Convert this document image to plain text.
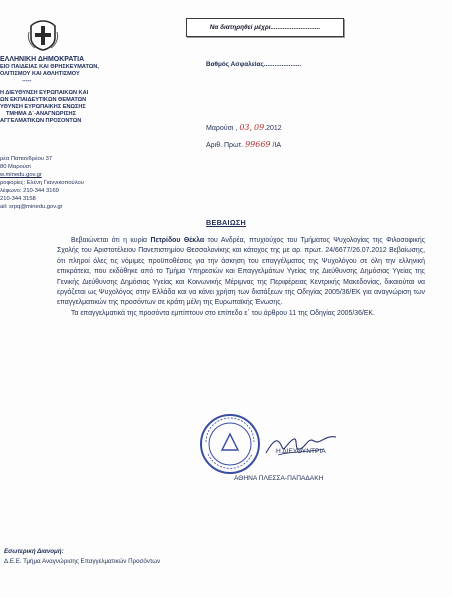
ΕΛΛΗΝΙΚΗ ΔΗΜΟΚΡΑΤΙΑ
ΕΙΟ ΠΑΙΔΕΙΑΣ ΚΑΙ ΘΡΗΣΚΕΥΜΑΤΩΝ,
ΟΛΙΤΙΣΜΟΥ ΚΑΙ ΑΘΛΗΤΙΣΜΟΥ
-----
Η ΔΙΕΥΘΥΝΣΗ ΕΥΡΩΠΑΪΚΩΝ ΚΑΙ
ΩΝ ΕΚΠΑΙΔΕΥΤΙΚΩΝ ΘΕΜΑΤΩΝ
ΥΘΥΝΣΗ ΕΥΡΩΠΑΪΚΗΣ ΕΝΩΣΗΣ
ΤΜΗΜΑ Δ΄-ΑΝΑΓΝΩΡΙΣΗΣ
ΑΓΓΕΛΜΑΤΙΚΩΝ ΠΡΟΣΟΝΤΩΝ
ρέα Παπανδρέου 37
80 Μαρούσι
w.minedu.gov.gr
ροφορίες: Ελένη Γιαννικοπούλου
λέφωνο: 210-344 3169
210-344 3158
ail: srpq@minedu.gov.gr
Να διατηρηθεί μέχρι............................
Βαθμός Ασφαλείας.....................
Μαρούσι , 03, 09.2012
Αριθ. Πρωτ. 99669 /ΙΑ
ΒΕΒΑΙΩΣΗ

Βεβαιώνεται ότι η κυρία Πετρίδου Θέκλα του Ανδρέα, πτυχιούχος του Τμήματος Ψυχολογίας της Φιλοσοφικής Σχολής του Αριστοτέλειου Πανεπιστημίου Θεσσαλονίκης και κάτοχος της με αρ. πρωτ. 24/6677/26.07.2012 Βεβαίωσης, ότι πληροί όλες τις νόμιμες προϋποθέσεις για την άσκηση του επαγγέλματος της Ψυχολόγου σε όλη την ελληνική επικράτεια, που εκδόθηκε από το Τμήμα Υπηρεσιών και Επαγγελμάτων Υγείας της Διεύθυνσης Δημόσιας Υγείας της Γενικής Διεύθυνσης Δημόσιας Υγείας και Κοινωνικής Μέριμνας της Περιφέρειας Κεντρικής Μακεδονίας, δικαιούται να εργάζεται ως Ψυχολόγος στην Ελλάδα και να κάνει χρήση των διατάξεων της Οδηγίας 2005/36/ΕΚ για αναγνώριση των επαγγελματικών της προσόντων σε κράτη μέλη της Ευρωπαϊκής Ένωσης.

Τα επαγγελματικά της προσόντα εμπίπτουν στο επίπεδο ε΄ του άρθρου 11 της Οδηγίας 2005/36/ΕΚ.

Η ΔΙΕΥΘΥΝΤΡΙΑ
ΑΘΗΝΑ ΠΛΕΣΣΑ-ΠΑΠΑΔΑΚΗ
Εσωτερική Διανομή:
Δ.Ε.Ε. Τμήμα Αναγνώρισης Επαγγελματικών Προσόντων
